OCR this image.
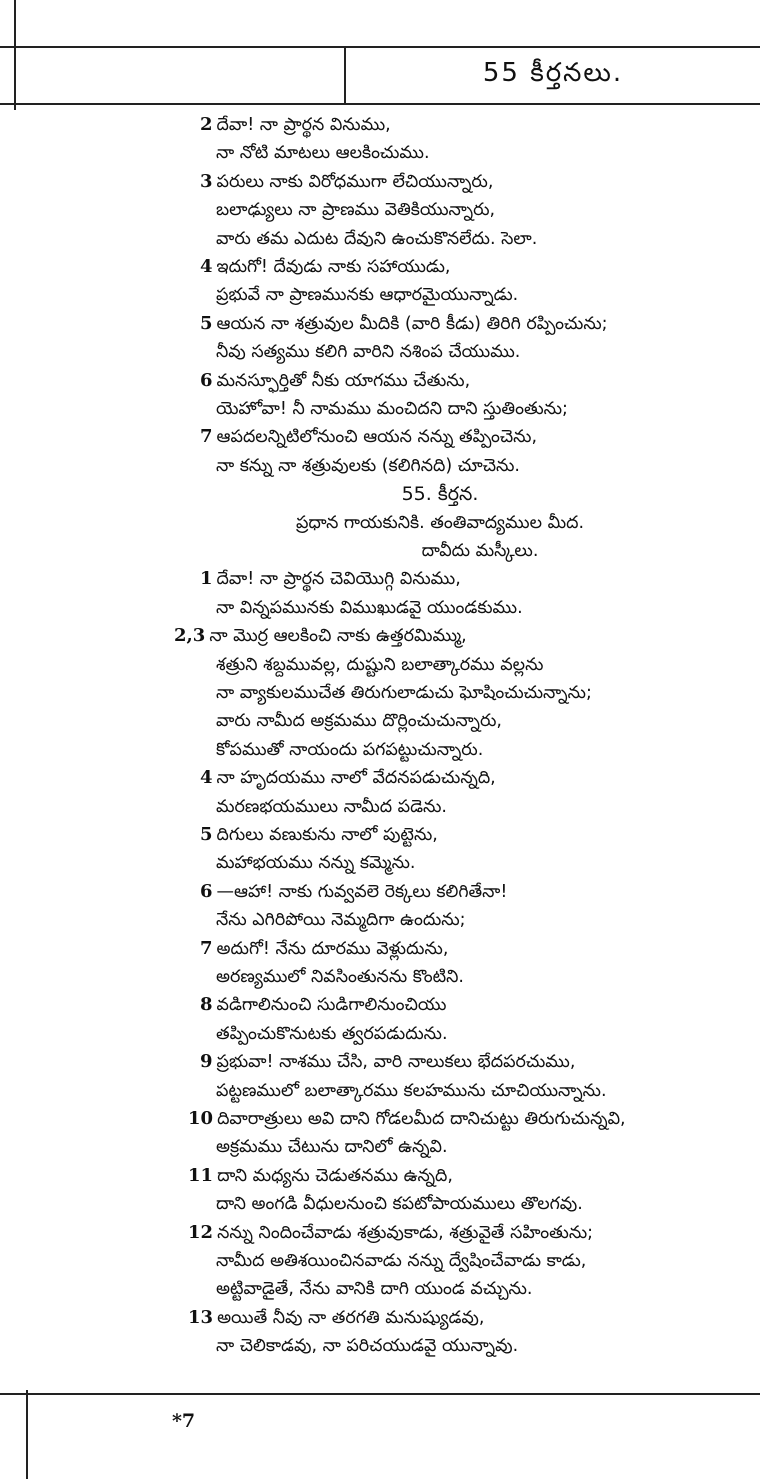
55 కీర్తనలు.
2 దేవా! నా ప్రార్థన వినుము,
నా నోటి మాటలు ఆలకించుము.
3 పరులు నాకు విరోధముగా లేచియున్నారు,
బలాఢ్యులు నా ప్రాణము వెతికియున్నారు,
వారు తమ ఎదుట దేవుని ఉంచుకొనలేదు. సెలా.
4 ఇదుగో! దేవుడు నాకు సహాయుడు,
ప్రభువే నా ప్రాణమునకు ఆధారమైయున్నాడు.
5 ఆయన నా శత్రువుల మీదికి (వారి కీడు) తిరిగి రప్పించును;
నీవు సత్యము కలిగి వారిని నశింప చేయుము.
6 మనస్ఫూర్తితో నీకు యాగము చేతును,
యెహోవా! నీ నామము మంచిదని దాని స్తుతింతును;
7 ఆపదలన్నిటిలోనుంచి ఆయన నన్ను తప్పించెను,
నా కన్ను నా శత్రువులకు (కలిగినది) చూచెను.
55. కీర్తన.
ప్రధాన గాయకునికి. తంతివాద్యముల మీద.
దావీదు మస్కీలు.
1 దేవా! నా ప్రార్థన చెవియొగ్గి వినుము,
నా విన్నపమునకు విముఖుడవై యుండకుము.
2,3 నా మొర్ర ఆలకించి నాకు ఉత్తరమిమ్ము,
శత్రుని శబ్దమువల్ల, దుష్టుని బలాత్కారము వల్లను
నా వ్యాకులముచేత తిరుగులాడుచు ఘోషించుచున్నాను;
వారు నామీద అక్రమము దొర్లించుచున్నారు,
కోపముతో నాయందు పగపట్టుచున్నారు.
4 నా హృదయము నాలో వేదనపడుచున్నది,
మరణభయములు నామీద పడెను.
5 దిగులు వణుకును నాలో పుట్టెను,
మహాభయము నన్ను కమ్మెను.
6 —ఆహా! నాకు గువ్వవలె రెక్కలు కలిగితేనా!
నేను ఎగిరిపోయి నెమ్మదిగా ఉందును;
7 అదుగో! నేను దూరము వెళ్లుదును,
అరణ్యములో నివసింతునను కొంటిని.
8 వడిగాలినుంచి సుడిగాలినుంచియు
తప్పించుకొనుటకు త్వరపడుదును.
9 ప్రభువా! నాశము చేసి, వారి నాలుకలు భేదపరచుము,
పట్టణములో బలాత్కారము కలహమును చూచియున్నాను.
10 దివారాత్రులు అవి దాని గోడలమీద దానిచుట్టు తిరుగుచున్నవి,
అక్రమము చేటును దానిలో ఉన్నవి.
11 దాని మధ్యను చెడుతనము ఉన్నది,
దాని అంగడి వీధులనుంచి కపటోపాయములు తొలగవు.
12 నన్ను నిందించేవాడు శత్రువుకాడు, శత్రువైతే సహింతును;
నామీద అతిశయించినవాడు నన్ను ద్వేషించేవాడు కాడు,
అట్టివాడైతే, నేను వానికి దాగి యుండ వచ్చును.
13 అయితే నీవు నా తరగతి మనుష్యుడవు,
నా చెలికాడవు, నా పరిచయుడవై యున్నావు.
*7
